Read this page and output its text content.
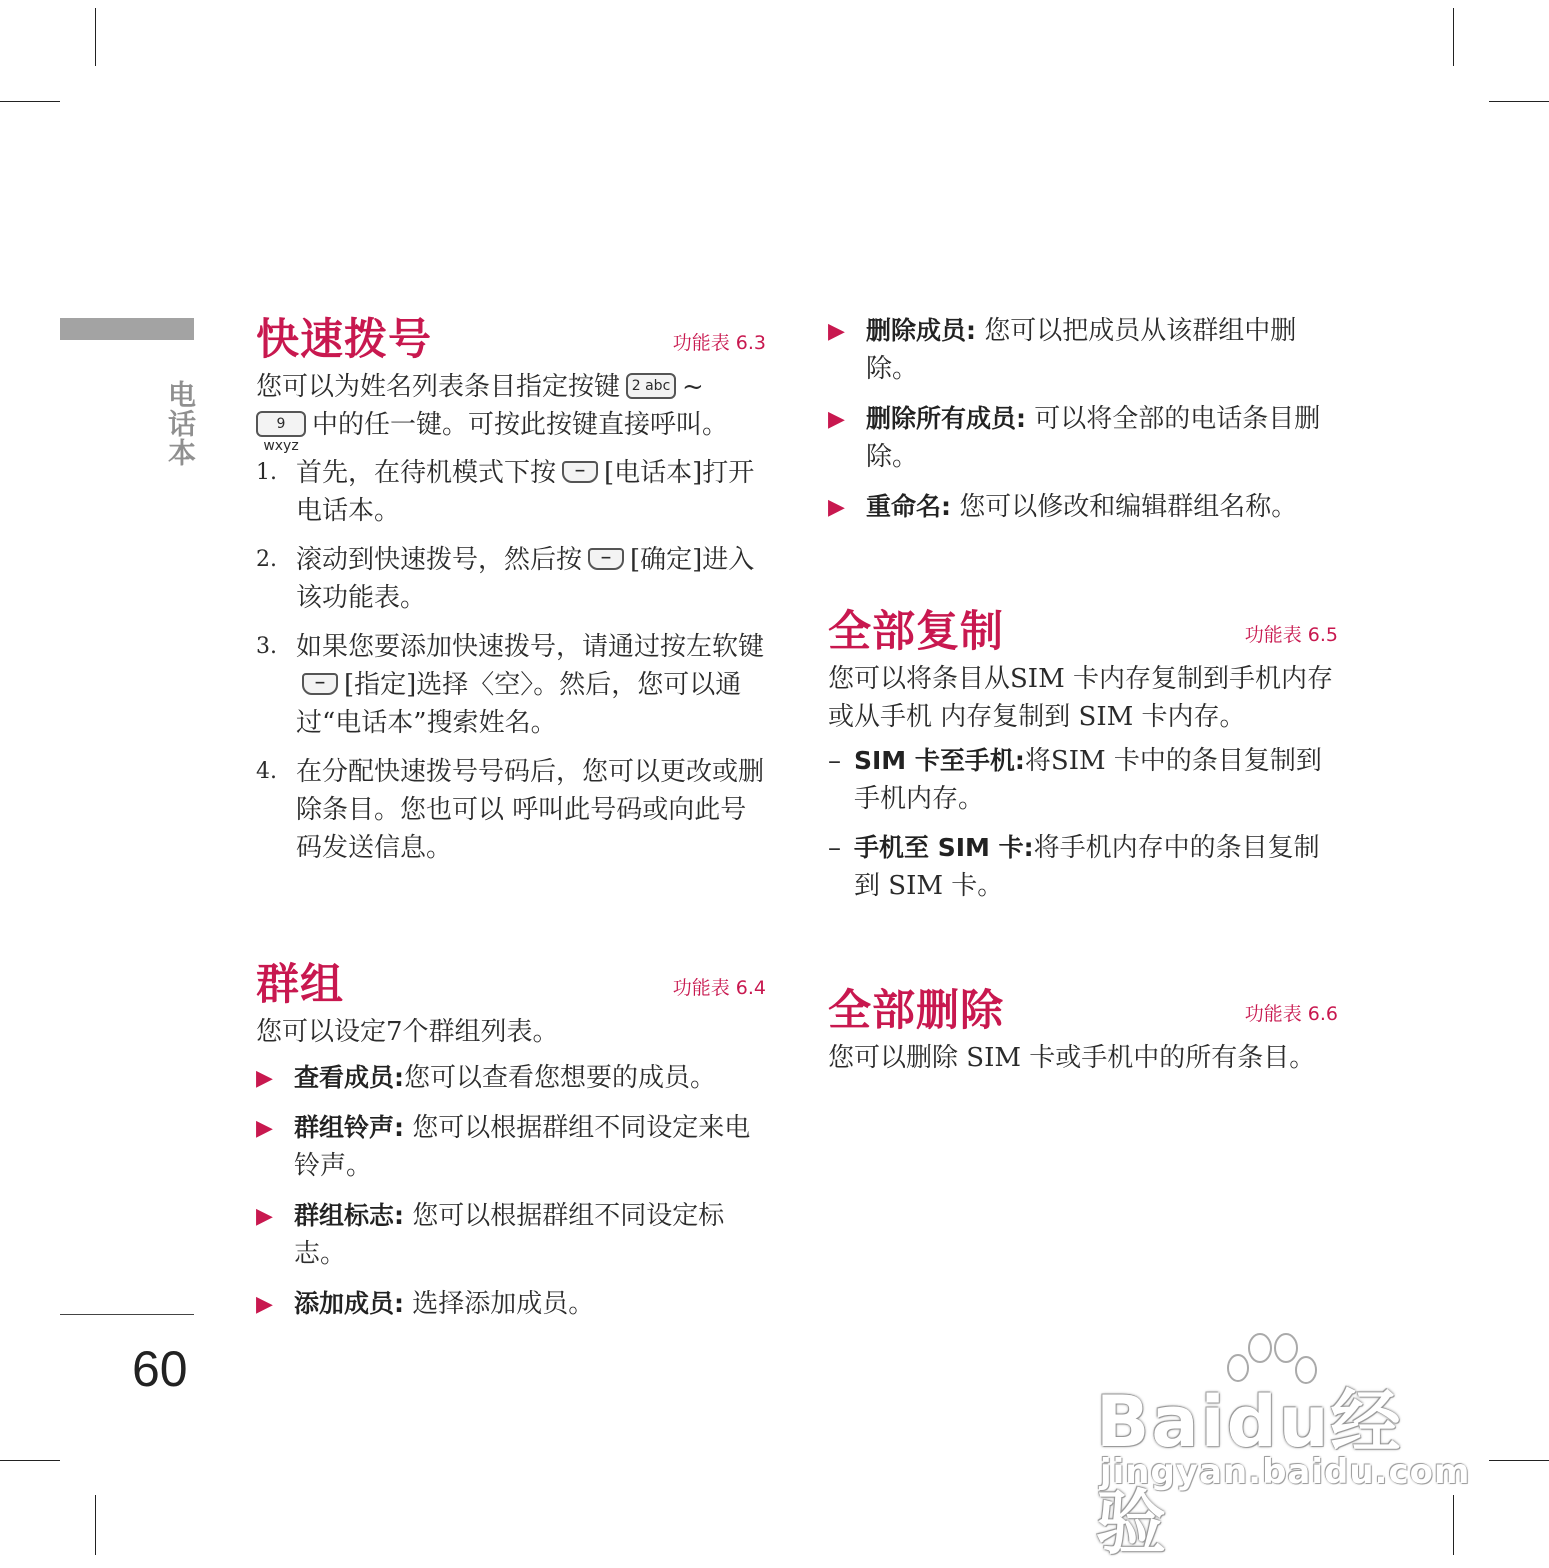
电话本
60
快速拨号	功能表 6.3

您可以为姓名列表条目指定按键 2 abc ~
9 wxyz中的任一键。可按此按键直接呼叫。

1. 首先，在待机模式下按 − [电话本]打开电话本。
2. 滚动到快速拨号，然后按 − [确定]进入该功能表。
3. 如果您要添加快速拨号，请通过按左软键− [指定]选择〈空〉。然后，您可以通过“电话本”搜索姓名。
4. 在分配快速拨号号码后，您可以更改或删除条目。您也可以 呼叫此号码或向此号码发送信息。
群组	功能表 6.4

您可以设定7个群组列表。

▶ 查看成员:您可以查看您想要的成员。
▶ 群组铃声: 您可以根据群组不同设定来电铃声。
▶ 群组标志: 您可以根据群组不同设定标志。
▶ 添加成员: 选择添加成员。
▶ 删除成员: 您可以把成员从该群组中删除。
▶ 删除所有成员: 可以将全部的电话条目删除。
▶ 重命名: 您可以修改和编辑群组名称。
全部复制	功能表 6.5

您可以将条目从SIM 卡内存复制到手机内存或从手机 内存复制到 SIM 卡内存。

– SIM 卡至手机:将SIM 卡中的条目复制到手机内存。
– 手机至 SIM 卡:将手机内存中的条目复制到 SIM 卡。
全部删除	功能表 6.6

您可以删除 SIM 卡或手机中的所有条目。

Baidu经验
jingyan.baidu.com
